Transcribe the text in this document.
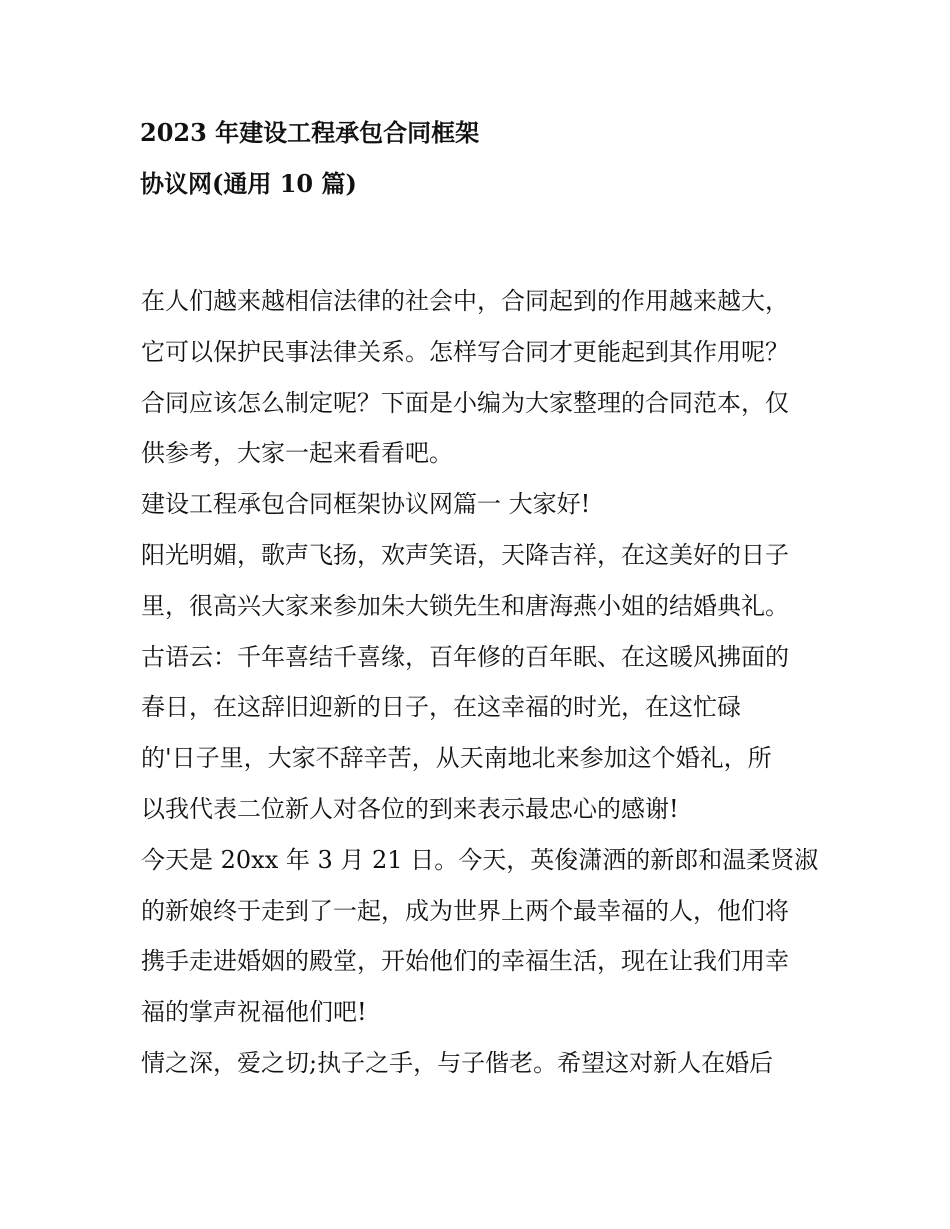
2023 年建设工程承包合同框架
协议网(通用 10 篇)
在人们越来越相信法律的社会中，合同起到的作用越来越大，
它可以保护民事法律关系。怎样写合同才更能起到其作用呢？
合同应该怎么制定呢？下面是小编为大家整理的合同范本，仅
供参考，大家一起来看看吧。
建设工程承包合同框架协议网篇一 大家好!
阳光明媚，歌声飞扬，欢声笑语，天降吉祥，在这美好的日子
里，很高兴大家来参加朱大锁先生和唐海燕小姐的结婚典礼。
古语云：千年喜结千喜缘，百年修的百年眠、在这暖风拂面的
春日，在这辞旧迎新的日子，在这幸福的时光，在这忙碌
的'日子里，大家不辞辛苦，从天南地北来参加这个婚礼，所
以我代表二位新人对各位的到来表示最忠心的感谢!
今天是 20xx 年 3 月 21 日。今天，英俊潇洒的新郎和温柔贤淑
的新娘终于走到了一起，成为世界上两个最幸福的人，他们将
携手走进婚姻的殿堂，开始他们的幸福生活，现在让我们用幸
福的掌声祝福他们吧!
情之深，爱之切;执子之手，与子偕老。希望这对新人在婚后
